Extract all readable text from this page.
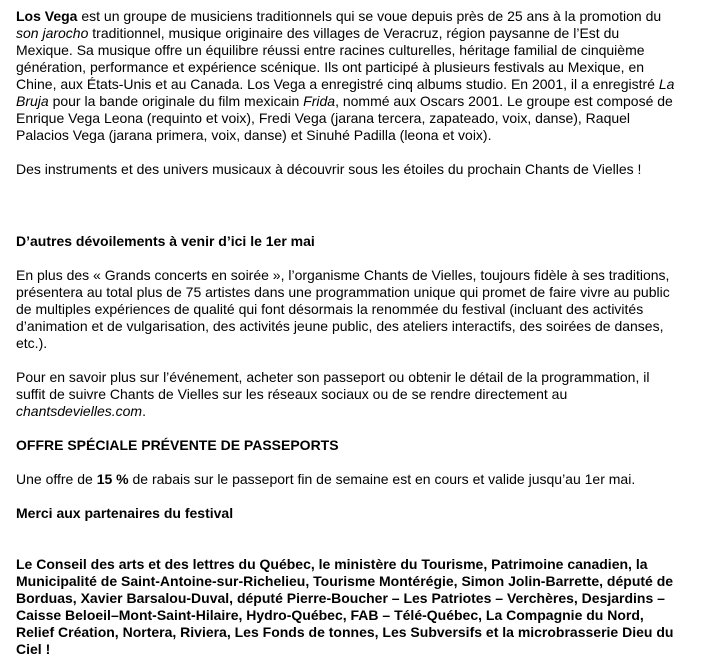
Los Vega est un groupe de musiciens traditionnels qui se voue depuis près de 25 ans à la promotion du son jarocho traditionnel, musique originaire des villages de Veracruz, région paysanne de l’Est du Mexique. Sa musique offre un équilibre réussi entre racines culturelles, héritage familial de cinquième génération, performance et expérience scénique. Ils ont participé à plusieurs festivals au Mexique, en Chine, aux États-Unis et au Canada. Los Vega a enregistré cinq albums studio. En 2001, il a enregistré La Bruja pour la bande originale du film mexicain Frida, nommé aux Oscars 2001. Le groupe est composé de Enrique Vega Leona (requinto et voix), Fredi Vega (jarana tercera, zapateado, voix, danse), Raquel Palacios Vega (jarana primera, voix, danse) et Sinuhé Padilla (leona et voix).

Des instruments et des univers musicaux à découvrir sous les étoiles du prochain Chants de Vielles !

D’autres dévoilements à venir d’ici le 1er mai

En plus des « Grands concerts en soirée », l’organisme Chants de Vielles, toujours fidèle à ses traditions, présentera au total plus de 75 artistes dans une programmation unique qui promet de faire vivre au public de multiples expériences de qualité qui font désormais la renommée du festival (incluant des activités d’animation et de vulgarisation, des activités jeune public, des ateliers interactifs, des soirées de danses, etc.).

Pour en savoir plus sur l’événement, acheter son passeport ou obtenir le détail de la programmation, il suffit de suivre Chants de Vielles sur les réseaux sociaux ou de se rendre directement au chantsdevielles.com.

OFFRE SPÉCIALE PRÉVENTE DE PASSEPORTS

Une offre de 15 % de rabais sur le passeport fin de semaine est en cours et valide jusqu’au 1er mai.

Merci aux partenaires du festival

Le Conseil des arts et des lettres du Québec, le ministère du Tourisme, Patrimoine canadien, la Municipalité de Saint-Antoine-sur-Richelieu, Tourisme Montérégie, Simon Jolin-Barrette, député de Borduas, Xavier Barsalou-Duval, député Pierre-Boucher – Les Patriotes – Verchères, Desjardins – Caisse Beloeil–Mont-Saint-Hilaire, Hydro-Québec, FAB – Télé-Québec, La Compagnie du Nord, Relief Création, Nortera, Riviera, Les Fonds de tonnes, Les Subversifs et la microbrasserie Dieu du Ciel !
